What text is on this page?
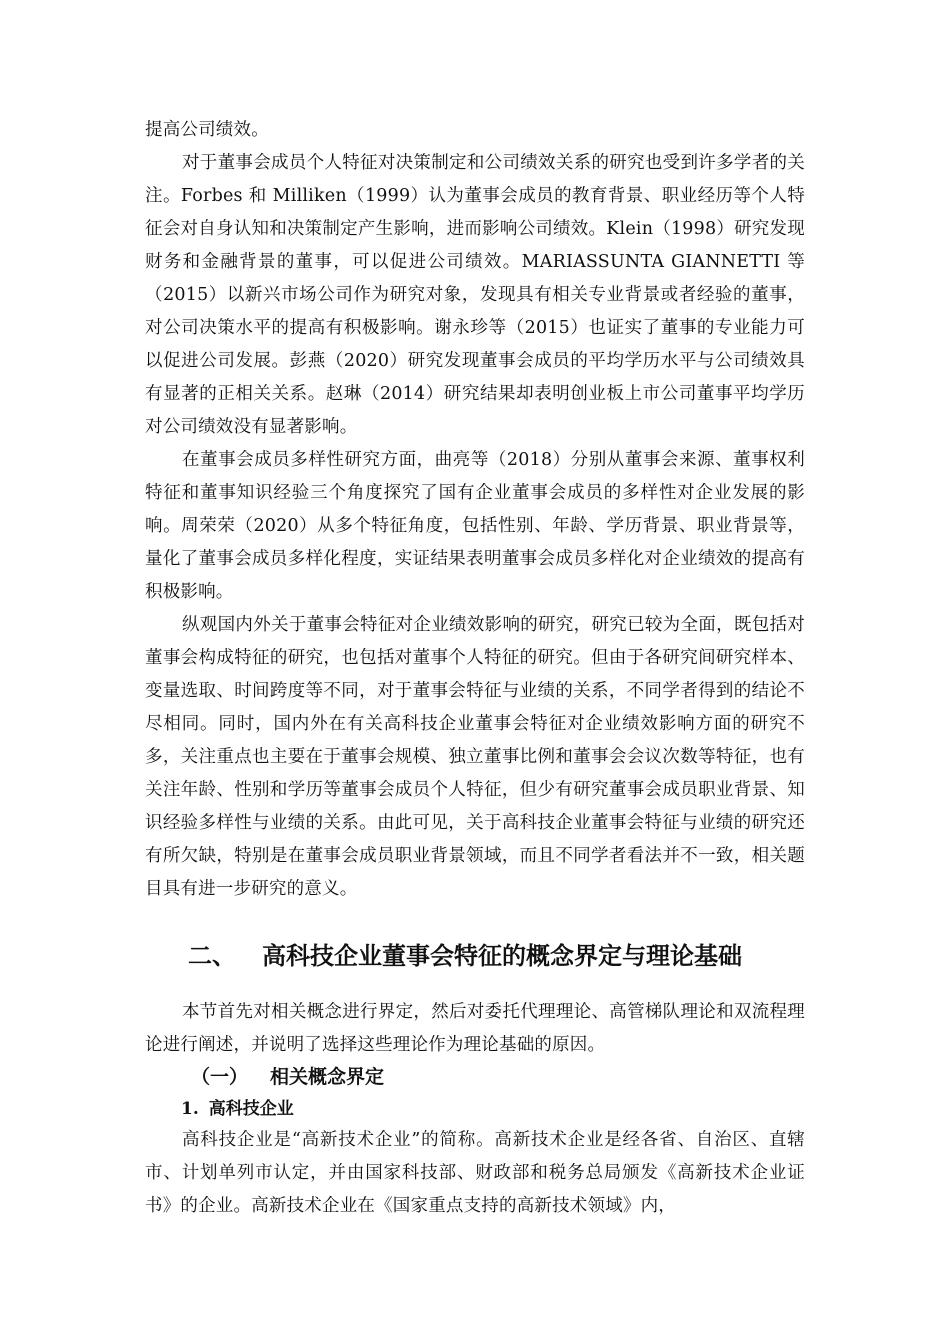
提高公司绩效。

对于董事会成员个人特征对决策制定和公司绩效关系的研究也受到许多学者的关注。Forbes 和 Milliken（1999）认为董事会成员的教育背景、职业经历等个人特征会对自身认知和决策制定产生影响，进而影响公司绩效。Klein（1998）研究发现财务和金融背景的董事，可以促进公司绩效。MARIASSUNTA GIANNETTI 等（2015）以新兴市场公司作为研究对象，发现具有相关专业背景或者经验的董事，对公司决策水平的提高有积极影响。谢永珍等（2015）也证实了董事的专业能力可以促进公司发展。彭燕（2020）研究发现董事会成员的平均学历水平与公司绩效具有显著的正相关关系。赵琳（2014）研究结果却表明创业板上市公司董事平均学历对公司绩效没有显著影响。

在董事会成员多样性研究方面，曲亮等（2018）分别从董事会来源、董事权利特征和董事知识经验三个角度探究了国有企业董事会成员的多样性对企业发展的影响。周荣荣（2020）从多个特征角度，包括性别、年龄、学历背景、职业背景等，量化了董事会成员多样化程度，实证结果表明董事会成员多样化对企业绩效的提高有积极影响。

纵观国内外关于董事会特征对企业绩效影响的研究，研究已较为全面，既包括对董事会构成特征的研究，也包括对董事个人特征的研究。但由于各研究间研究样本、变量选取、时间跨度等不同，对于董事会特征与业绩的关系，不同学者得到的结论不尽相同。同时，国内外在有关高科技企业董事会特征对企业绩效影响方面的研究不多，关注重点也主要在于董事会规模、独立董事比例和董事会会议次数等特征，也有关注年龄、性别和学历等董事会成员个人特征，但少有研究董事会成员职业背景、知识经验多样性与业绩的关系。由此可见，关于高科技企业董事会特征与业绩的研究还有所欠缺，特别是在董事会成员职业背景领域，而且不同学者看法并不一致，相关题目具有进一步研究的意义。

二、 高科技企业董事会特征的概念界定与理论基础

本节首先对相关概念进行界定，然后对委托代理理论、高管梯队理论和双流程理论进行阐述，并说明了选择这些理论作为理论基础的原因。

（一） 相关概念界定
1. 高科技企业

高科技企业是“高新技术企业”的简称。高新技术企业是经各省、自治区、直辖市、计划单列市认定，并由国家科技部、财政部和税务总局颁发《高新技术企业证书》的企业。高新技术企业在《国家重点支持的高新技术领域》内，
